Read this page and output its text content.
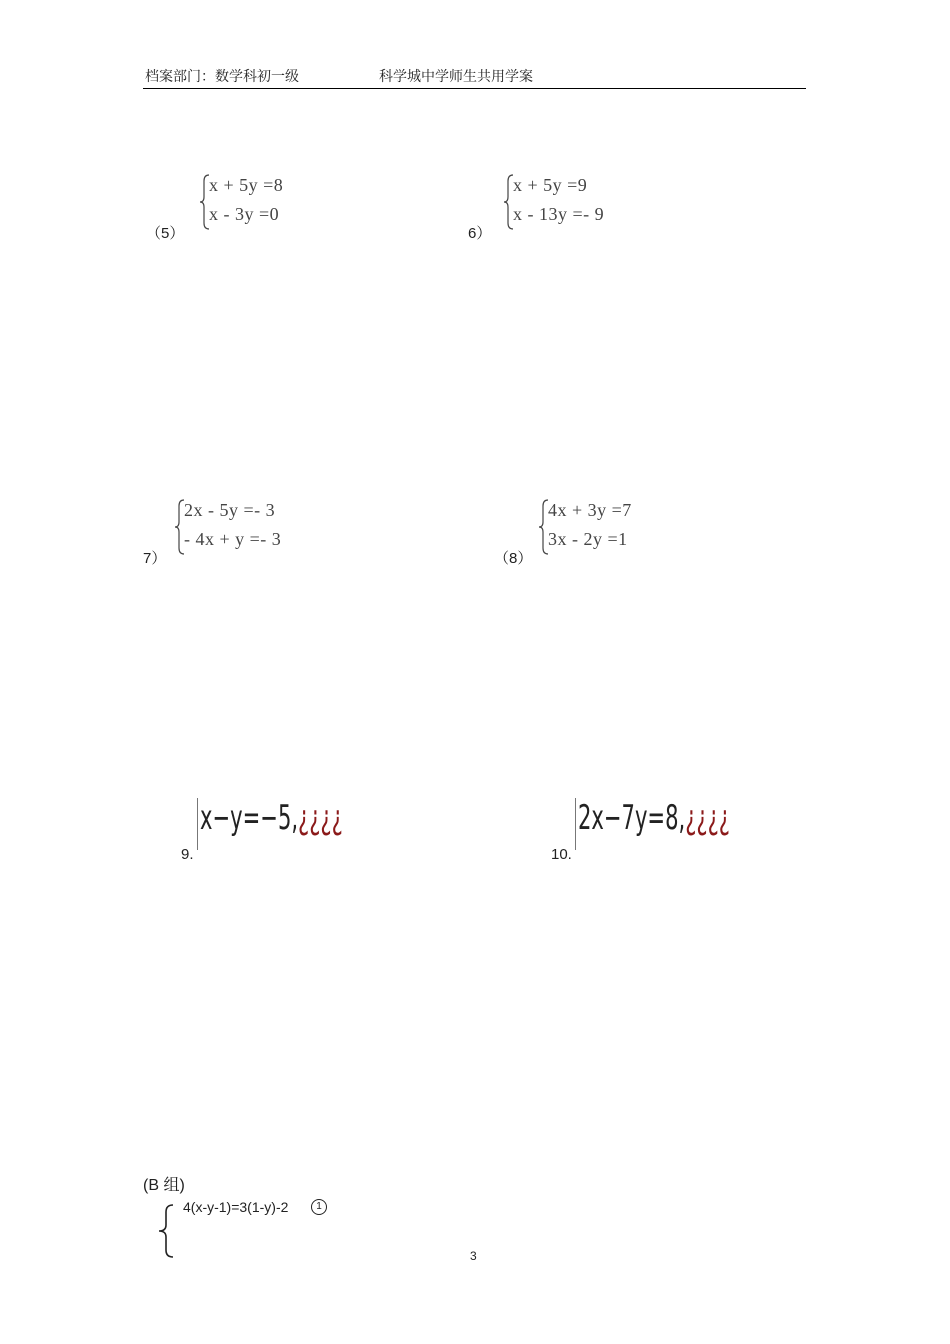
档案部门：数学科初一级	科学城中学师生共用学案
（5）
x + 5y =8
x - 3y =0
6）
x + 5y =9
x - 13y =- 9
7）
2x - 5y =- 3
- 4x + y =- 3
（8）
4x + 3y =7
3x - 2y =1
9.
x−y=−5,¿¿¿¿
10.
2x−7y=8,¿¿¿¿
(B 组)
4(x-y-1)=3(1-y)-2	1
3
